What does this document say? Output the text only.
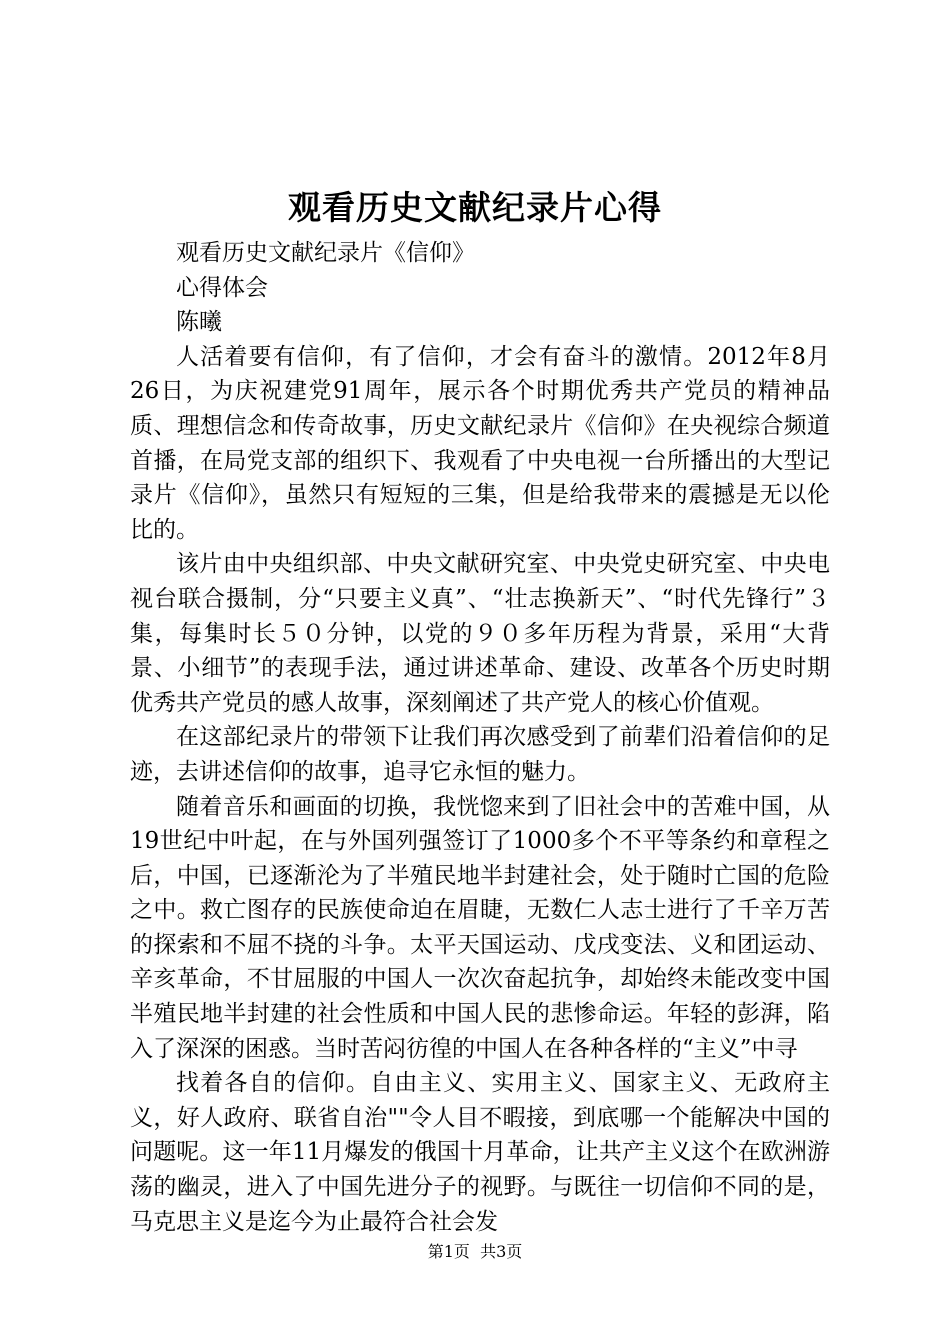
观看历史文献纪录片心得

观看历史文献纪录片《信仰》

心得体会

陈曦

人活着要有信仰，有了信仰，才会有奋斗的激情。2012年8月26日，为庆祝建党91周年，展示各个时期优秀共产党员的精神品质、理想信念和传奇故事，历史文献纪录片《信仰》在央视综合频道首播，在局党支部的组织下、我观看了中央电视一台所播出的大型记录片《信仰》，虽然只有短短的三集，但是给我带来的震撼是无以伦比的。

该片由中央组织部、中央文献研究室、中央党史研究室、中央电视台联合摄制，分“只要主义真”、“壮志换新天”、“时代先锋行”３集，每集时长５０分钟，以党的９０多年历程为背景，采用“大背景、小细节”的表现手法，通过讲述革命、建设、改革各个历史时期优秀共产党员的感人故事，深刻阐述了共产党人的核心价值观。

在这部纪录片的带领下让我们再次感受到了前辈们沿着信仰的足迹，去讲述信仰的故事，追寻它永恒的魅力。

随着音乐和画面的切换，我恍惚来到了旧社会中的苦难中国，从19世纪中叶起，在与外国列强签订了1000多个不平等条约和章程之后，中国，已逐渐沦为了半殖民地半封建社会，处于随时亡国的危险之中。救亡图存的民族使命迫在眉睫，无数仁人志士进行了千辛万苦的探索和不屈不挠的斗争。太平天国运动、戊戌变法、义和团运动、辛亥革命，不甘屈服的中国人一次次奋起抗争，却始终未能改变中国半殖民地半封建的社会性质和中国人民的悲惨命运。年轻的彭湃，陷入了深深的困惑。当时苦闷彷徨的中国人在各种各样的“主义”中寻

找着各自的信仰。自由主义、实用主义、国家主义、无政府主义，好人政府、联省自治""令人目不暇接，到底哪一个能解决中国的问题呢。这一年11月爆发的俄国十月革命，让共产主义这个在欧洲游荡的幽灵，进入了中国先进分子的视野。与既往一切信仰不同的是，马克思主义是迄今为止最符合社会发

第1页 共3页
